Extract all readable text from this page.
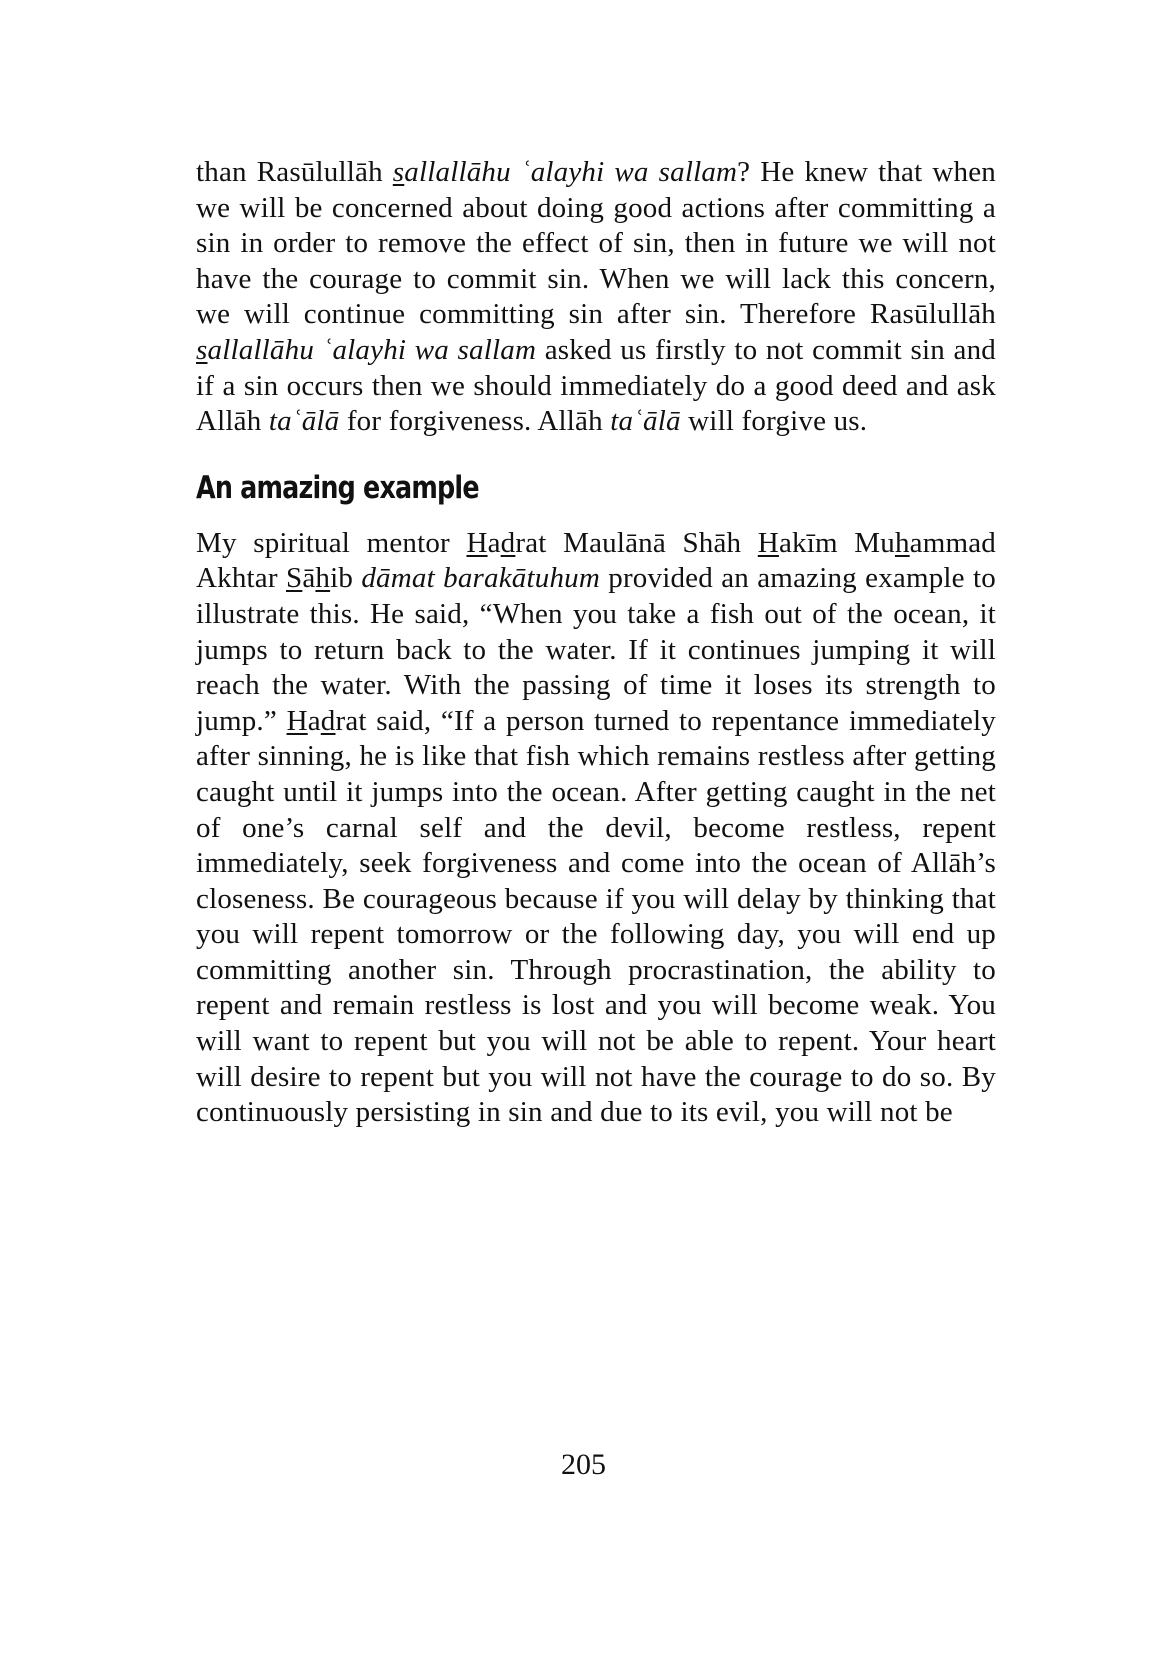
than Rasūlullāh sallallāhu ʿalayhi wa sallam? He knew that when we will be concerned about doing good actions after committing a sin in order to remove the effect of sin, then in future we will not have the courage to commit sin. When we will lack this concern, we will continue committing sin after sin. Therefore Rasūlullāh sallallāhu ʿalayhi wa sallam asked us firstly to not commit sin and if a sin occurs then we should immediately do a good deed and ask Allāh taʿālā for forgiveness. Allāh taʿālā will forgive us.

An amazing example

My spiritual mentor Hadrat Maulānā Shāh Hakīm Muhammad Akhtar Sāhib dāmat barakātuhum provided an amazing example to illustrate this. He said, “When you take a fish out of the ocean, it jumps to return back to the water. If it continues jumping it will reach the water. With the passing of time it loses its strength to jump.” Hadrat said, “If a person turned to repentance immediately after sinning, he is like that fish which remains restless after getting caught until it jumps into the ocean. After getting caught in the net of one’s carnal self and the devil, become restless, repent immediately, seek forgiveness and come into the ocean of Allāh’s closeness. Be courageous because if you will delay by thinking that you will repent tomorrow or the following day, you will end up committing another sin. Through procrastination, the ability to repent and remain restless is lost and you will become weak. You will want to repent but you will not be able to repent. Your heart will desire to repent but you will not have the courage to do so. By continuously persisting in sin and due to its evil, you will not be

205
